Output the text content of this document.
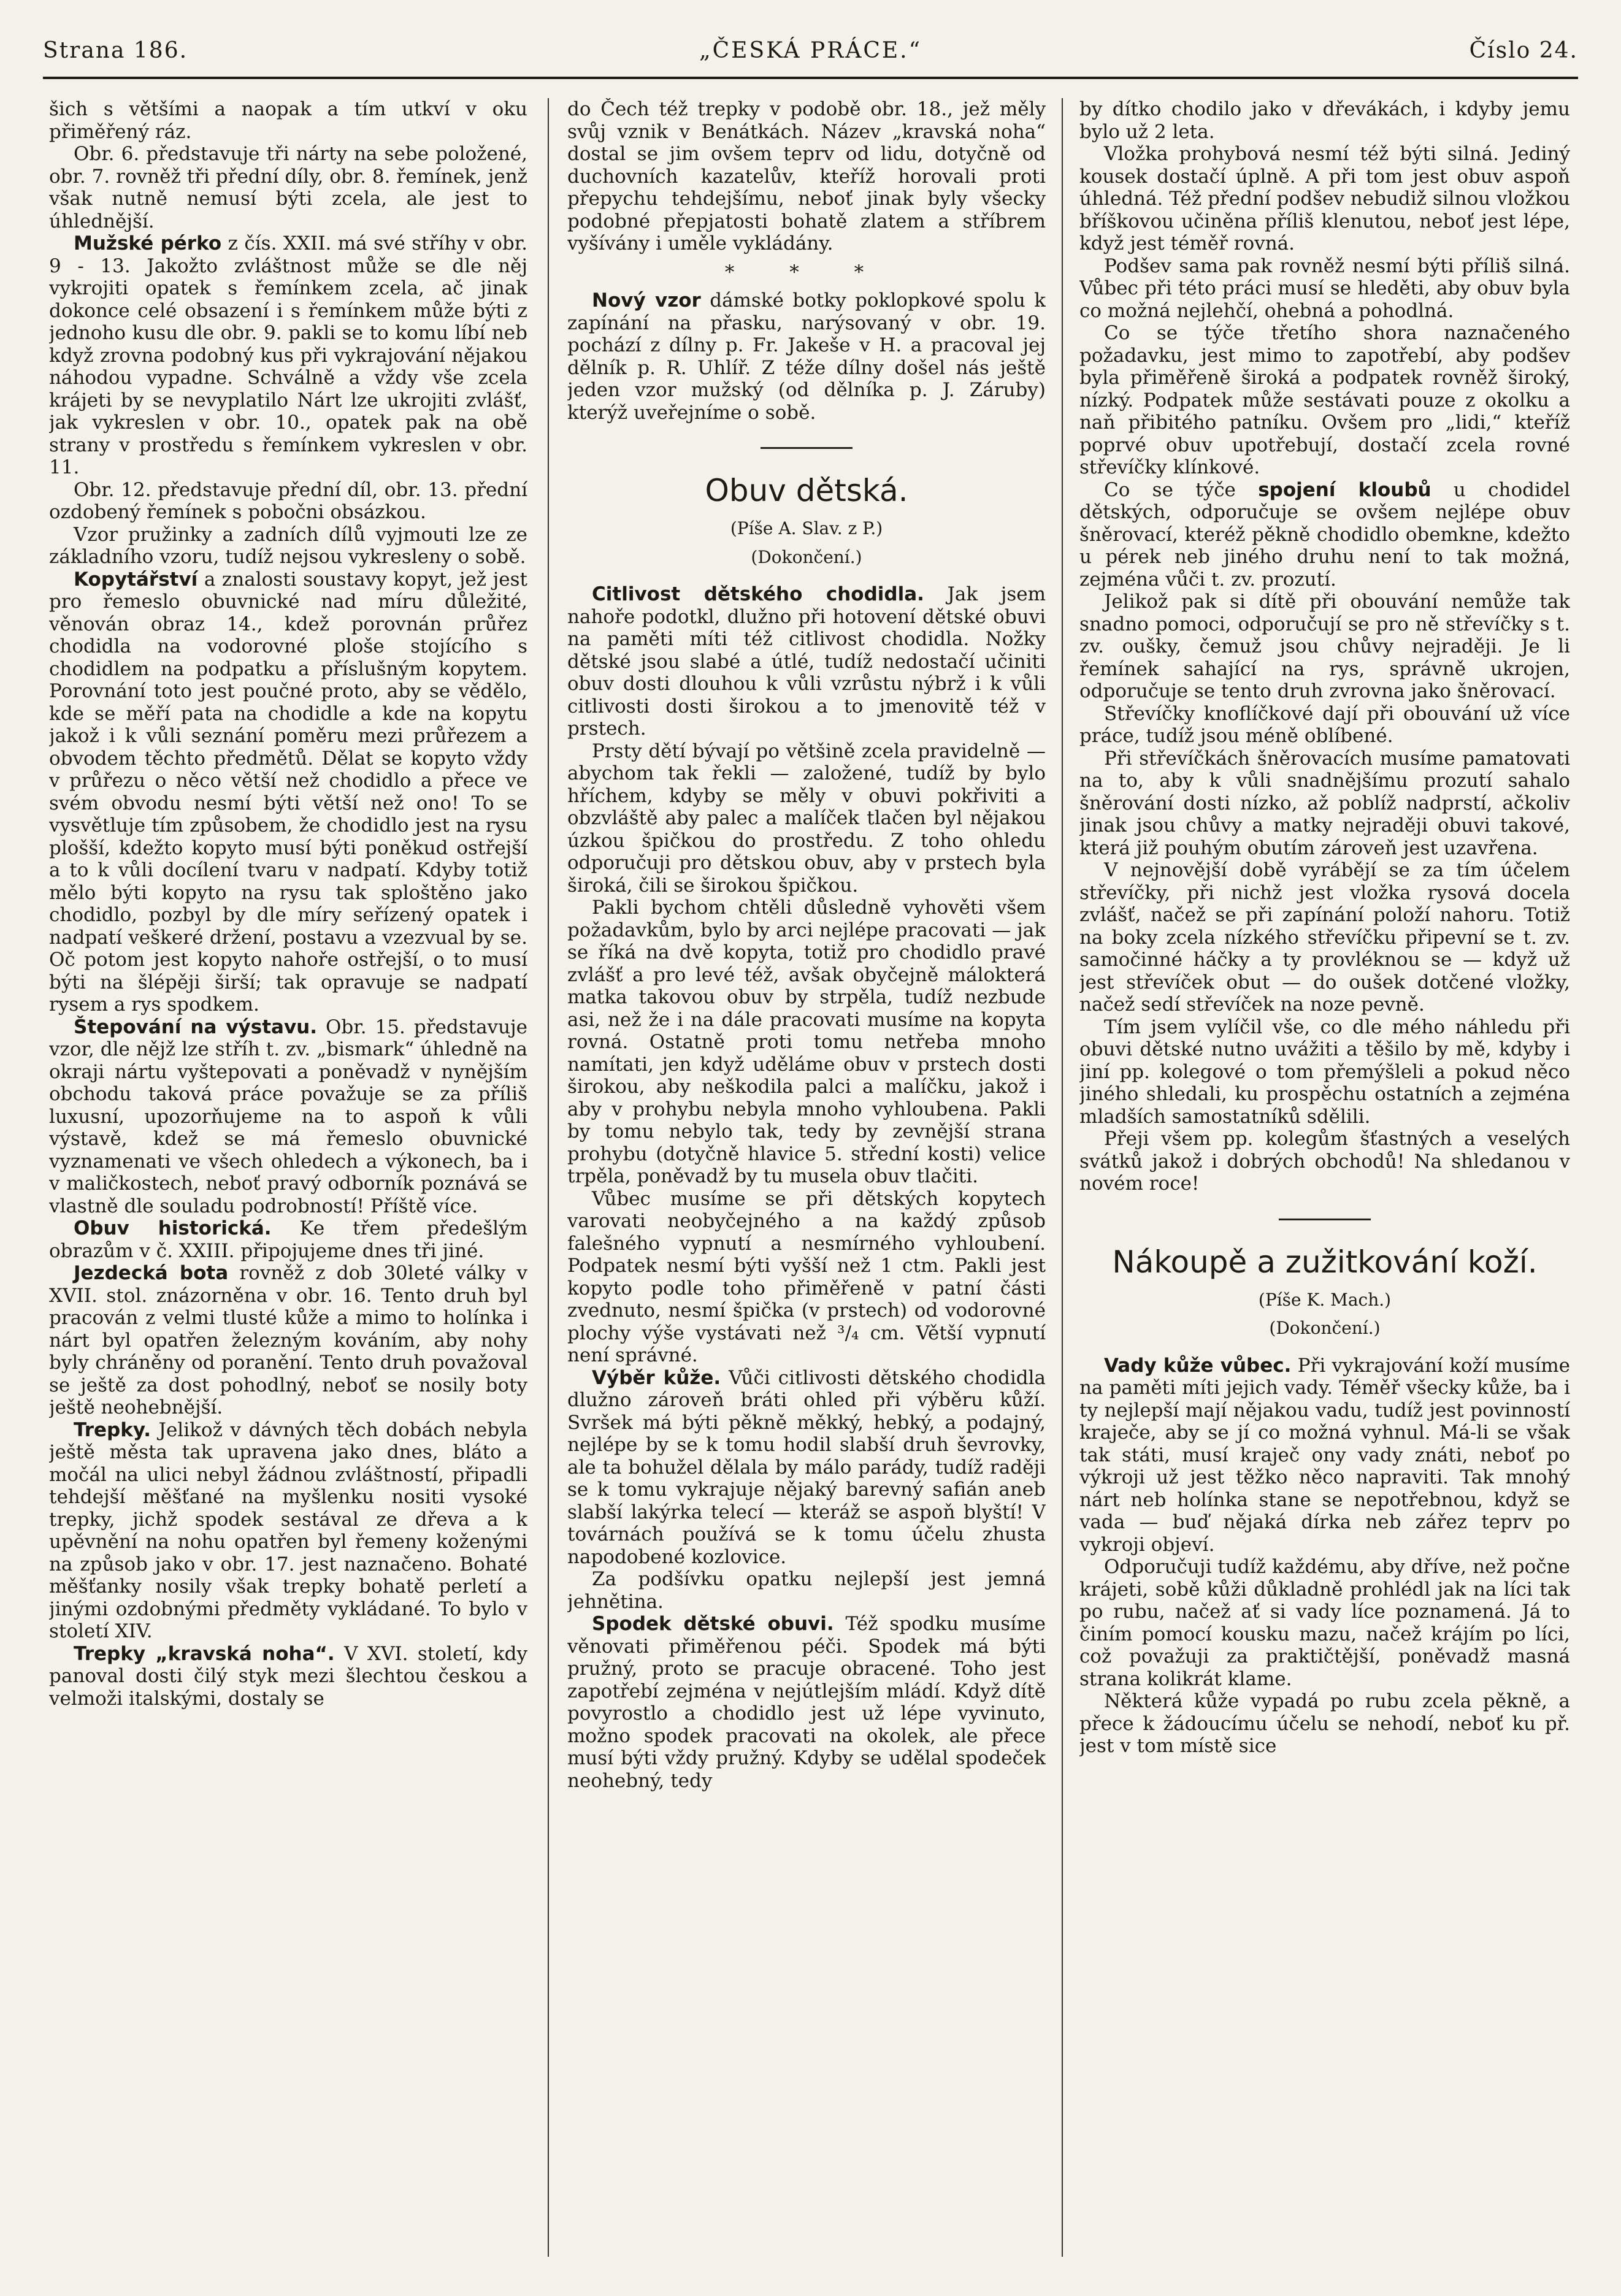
Strana 186.	„ČESKÁ PRÁCE.“	Číslo 24.

šich s většími a naopak a tím utkví v oku přiměřený ráz.

Obr. 6. představuje tři nárty na sebe položené, obr. 7. rovněž tři přední díly, obr. 8. řemínek, jenž však nutně nemusí býti zcela, ale jest to úhlednější.

Mužské pérko z čís. XXII. má své stříhy v obr. 9 - 13. Jakožto zvláštnost může se dle něj vykrojiti opatek s řemínkem zcela, ač jinak dokonce celé obsazení i s řemínkem může býti z jednoho kusu dle obr. 9. pakli se to komu líbí neb když zrovna podobný kus při vykrajování nějakou náhodou vypadne. Schválně a vždy vše zcela krájeti by se nevyplatilo Nárt lze ukrojiti zvlášť, jak vykreslen v obr. 10., opatek pak na obě strany v prostředu s řemínkem vykreslen v obr. 11.

Obr. 12. představuje přední díl, obr. 13. přední ozdobený řemínek s pobočni obsázkou.

Vzor pružinky a zadních dílů vyjmouti lze ze základního vzoru, tudíž nejsou vykresleny o sobě.

Kopytářství a znalosti soustavy kopyt, jež jest pro řemeslo obuvnické nad míru důležité, věnován obraz 14., kdež porovnán průřez chodidla na vodorovné ploše stojícího s chodidlem na podpatku a příslušným kopytem. Porovnání toto jest poučné proto, aby se vědělo, kde se měří pata na chodidle a kde na kopytu jakož i k vůli seznání poměru mezi průřezem a obvodem těchto předmětů. Dělat se kopyto vždy v průřezu o něco větší než chodidlo a přece ve svém obvodu nesmí býti větší než ono! To se vysvětluje tím způsobem, že chodidlo jest na rysu plošší, kdežto kopyto musí býti poněkud ostřejší a to k vůli docílení tvaru v nadpatí. Kdyby totiž mělo býti kopyto na rysu tak sploštěno jako chodidlo, pozbyl by dle míry seřízený opatek i nadpatí veškeré držení, postavu a vzezvual by se. Oč potom jest kopyto nahoře ostřejší, o to musí býti na šlépěji širší; tak opravuje se nadpatí rysem a rys spodkem.

Štepování na výstavu. Obr. 15. představuje vzor, dle nějž lze stříh t. zv. „bismark“ úhledně na okraji nártu vyštepovati a poněvadž v nynějším obchodu taková práce považuje se za příliš luxusní, upozorňujeme na to aspoň k vůli výstavě, kdež se má řemeslo obuvnické vyznamenati ve všech ohledech a výkonech, ba i v maličkostech, neboť pravý odborník poznává se vlastně dle souladu podrobností! Příště více.

Obuv historická. Ke třem předešlým obrazům v č. XXIII. připojujeme dnes tři jiné.

Jezdecká bota rovněž z dob 30leté války v XVII. stol. znázorněna v obr. 16. Tento druh byl pracován z velmi tlusté kůže a mimo to holínka i nárt byl opatřen železným kováním, aby nohy byly chráněny od poranění. Tento druh považoval se ještě za dost pohodlný, neboť se nosily boty ještě neohebnější.

Trepky. Jelikož v dávných těch dobách nebyla ještě města tak upravena jako dnes, bláto a močál na ulici nebyl žádnou zvláštností, připadli tehdejší měšťané na myšlenku nositi vysoké trepky, jichž spodek sestával ze dřeva a k upěvnění na nohu opatřen byl řemeny koženými na způsob jako v obr. 17. jest naznačeno. Bohaté měšťanky nosily však trepky bohatě perletí a jinými ozdobnými předměty vykládané. To bylo v století XIV.

Trepky „kravská noha“. V XVI. století, kdy panoval dosti čilý styk mezi šlechtou českou a velmoži italskými, dostaly se

do Čech též trepky v podobě obr. 18., jež měly svůj vznik v Benátkách. Název „kravská noha“ dostal se jim ovšem teprv od lidu, dotyčně od duchovních kazatelův, kteříž horovali proti přepychu tehdejšímu, neboť jinak byly všecky podobné přepjatosti bohatě zlatem a stříbrem vyšívány i uměle vykládány.

* * *

Nový vzor dámské botky poklopkové spolu k zapínání na přasku, narýsovaný v obr. 19. pochází z dílny p. Fr. Jakeše v H. a pracoval jej dělník p. R. Uhlíř. Z téže dílny došel nás ještě jeden vzor mužský (od dělníka p. J. Záruby) kterýž uveřejníme o sobě.

Obuv dětská.

(Píše A. Slav. z P.)

(Dokončení.)

Citlivost dětského chodidla. Jak jsem nahoře podotkl, dlužno při hotovení dětské obuvi na paměti míti též citlivost chodidla. Nožky dětské jsou slabé a útlé, tudíž nedostačí učiniti obuv dosti dlouhou k vůli vzrůstu nýbrž i k vůli citlivosti dosti širokou a to jmenovitě též v prstech.

Prsty dětí bývají po většině zcela pravidelně — abychom tak řekli — založené, tudíž by bylo hříchem, kdyby se měly v obuvi pokřiviti a obzvláště aby palec a malíček tlačen byl nějakou úzkou špičkou do prostředu. Z toho ohledu odporučuji pro dětskou obuv, aby v prstech byla široká, čili se širokou špičkou.

Pakli bychom chtěli důsledně vyhověti všem požadavkům, bylo by arci nejlépe pracovati — jak se říká na dvě kopyta, totiž pro chodidlo pravé zvlášť a pro levé též, avšak obyčejně málokterá matka takovou obuv by strpěla, tudíž nezbude asi, než že i na dále pracovati musíme na kopyta rovná. Ostatně proti tomu netřeba mnoho namítati, jen když uděláme obuv v prstech dosti širokou, aby neškodila palci a malíčku, jakož i aby v prohybu nebyla mnoho vyhloubena. Pakli by tomu nebylo tak, tedy by zevnější strana prohybu (dotyčně hlavice 5. střední kosti) velice trpěla, poněvadž by tu musela obuv tlačiti.

Vůbec musíme se při dětských kopytech varovati neobyčejného a na každý způsob falešného vypnutí a nesmírného vyhloubení. Podpatek nesmí býti vyšší než 1 ctm. Pakli jest kopyto podle toho přiměřeně v patní části zvednuto, nesmí špička (v prstech) od vodorovné plochy výše vystávati než ³/₄ cm. Větší vypnutí není správné.

Výběr kůže. Vůči citlivosti dětského chodidla dlužno zároveň bráti ohled při výběru kůží. Svršek má býti pěkně měkký, hebký, a podajný, nejlépe by se k tomu hodil slabší druh ševrovky, ale ta bohužel dělala by málo parády, tudíž raději se k tomu vykrajuje nějaký barevný safián aneb slabší lakýrka telecí — kteráž se aspoň blyští! V továrnách používá se k tomu účelu zhusta napodobené kozlovice.

Za podšívku opatku nejlepší jest jemná jehnětina.

Spodek dětské obuvi. Též spodku musíme věnovati přiměřenou péči. Spodek má býti pružný, proto se pracuje obracené. Toho jest zapotřebí zejména v nejútlejším mládí. Když dítě povyrostlo a chodidlo jest už lépe vyvinuto, možno spodek pracovati na okolek, ale přece musí býti vždy pružný. Kdyby se udělal spodeček neohebný, tedy

by dítko chodilo jako v dřevákách, i kdyby jemu bylo už 2 leta.

Vložka prohybová nesmí též býti silná. Jediný kousek dostačí úplně. A při tom jest obuv aspoň úhledná. Též přední podšev nebudiž silnou vložkou bříškovou učiněna příliš klenutou, neboť jest lépe, když jest téměř rovná.

Podšev sama pak rovněž nesmí býti příliš silná. Vůbec při této práci musí se hleděti, aby obuv byla co možná nejlehčí, ohebná a pohodlná.

Co se týče třetího shora naznačeného požadavku, jest mimo to zapotřebí, aby podšev byla přiměřeně široká a podpatek rovněž široký, nízký. Podpatek může sestávati pouze z okolku a naň přibitého patníku. Ovšem pro „lidi,“ kteříž poprvé obuv upotřebují, dostačí zcela rovné střevíčky klínkové.

Co se týče spojení kloubů u chodidel dětských, odporučuje se ovšem nejlépe obuv šněrovací, kteréž pěkně chodidlo obemkne, kdežto u pérek neb jiného druhu není to tak možná, zejména vůči t. zv. prozutí.

Jelikož pak si dítě při obouvání nemůže tak snadno pomoci, odporučují se pro ně střevíčky s t. zv. oušky, čemuž jsou chůvy nejraději. Je li řemínek sahající na rys, správně ukrojen, odporučuje se tento druh zvrovna jako šněrovací.

Střevíčky knoflíčkové dají při obouvání už více práce, tudíž jsou méně oblíbené.

Při střevíčkách šněrovacích musíme pamatovati na to, aby k vůli snadnějšímu prozutí sahalo šněrování dosti nízko, až poblíž nadprstí, ačkoliv jinak jsou chůvy a matky nejraději obuvi takové, která již pouhým obutím zároveň jest uzavřena.

V nejnovější době vyrábějí se za tím účelem střevíčky, při nichž jest vložka rysová docela zvlášť, načež se při zapínání položí nahoru. Totiž na boky zcela nízkého střevíčku připevní se t. zv. samočinné háčky a ty provléknou se — když už jest střevíček obut — do oušek dotčené vložky, načež sedí střevíček na noze pevně.

Tím jsem vylíčil vše, co dle mého náhledu při obuvi dětské nutno uvážiti a těšilo by mě, kdyby i jiní pp. kolegové o tom přemýšleli a pokud něco jiného shledali, ku prospěchu ostatních a zejména mladších samostatníků sdělili.

Přeji všem pp. kolegům šťastných a veselých svátků jakož i dobrých obchodů! Na shledanou v novém roce!

Nákoupě a zužitkování koží.

(Píše K. Mach.)

(Dokončení.)

Vady kůže vůbec. Při vykrajování koží musíme na paměti míti jejich vady. Téměř všecky kůže, ba i ty nejlepší mají nějakou vadu, tudíž jest povinností kraječe, aby se jí co možná vyhnul. Má-li se však tak státi, musí kraječ ony vady znáti, neboť po výkroji už jest těžko něco napraviti. Tak mnohý nárt neb holínka stane se nepotřebnou, když se vada — buď nějaká dírka neb zářez teprv po vykroji objeví.

Odporučuji tudíž každému, aby dříve, než počne krájeti, sobě kůži důkladně prohlédl jak na líci tak po rubu, načež ať si vady líce poznamená. Já to činím pomocí kousku mazu, načež krájím po líci, což považuji za praktičtější, poněvadž masná strana kolikrát klame.

Některá kůže vypadá po rubu zcela pěkně, a přece k žádoucímu účelu se nehodí, neboť ku př. jest v tom místě sice
